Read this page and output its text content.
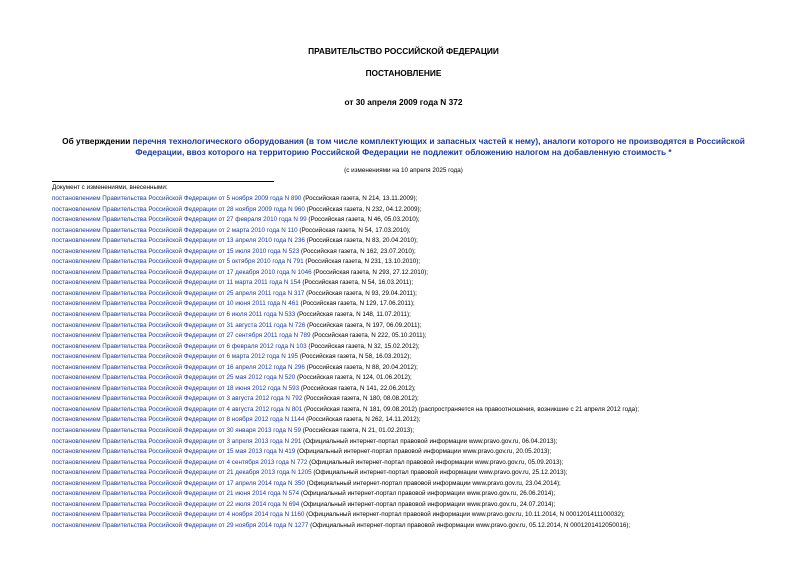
ПРАВИТЕЛЬСТВО РОССИЙСКОЙ ФЕДЕРАЦИИ
ПОСТАНОВЛЕНИЕ
от 30 апреля 2009 года N 372
Об утверждении перечня технологического оборудования (в том числе комплектующих и запасных частей к нему), аналоги которого не производятся в Российской Федерации, ввоз которого на территорию Российской Федерации не подлежит обложению налогом на добавленную стоимость *
(с изменениями на 10 апреля 2025 года)
Документ с изменениями, внесенными:
постановлением Правительства Российской Федерации от 5 ноября 2009 года N 890 (Российская газета, N 214, 13.11.2009);
постановлением Правительства Российской Федерации от 28 ноября 2009 года N 960 (Российская газета, N 232, 04.12.2009);
постановлением Правительства Российской Федерации от 27 февраля 2010 года N 99 (Российская газета, N 46, 05.03.2010);
постановлением Правительства Российской Федерации от 2 марта 2010 года N 110 (Российская газета, N 54, 17.03.2010);
постановлением Правительства Российской Федерации от 13 апреля 2010 года N 236 (Российская газета, N 83, 20.04.2010);
постановлением Правительства Российской Федерации от 15 июля 2010 года N 523 (Российская газета, N 162, 23.07.2010);
постановлением Правительства Российской Федерации от 5 октября 2010 года N 791 (Российская газета, N 231, 13.10.2010);
постановлением Правительства Российской Федерации от 17 декабря 2010 года N 1046 (Российская газета, N 293, 27.12.2010);
постановлением Правительства Российской Федерации от 11 марта 2011 года N 154 (Российская газета, N 54, 16.03.2011);
постановлением Правительства Российской Федерации от 25 апреля 2011 года N 317 (Российская газета, N 93, 29.04.2011);
постановлением Правительства Российской Федерации от 10 июня 2011 года N 461 (Российская газета, N 129, 17.06.2011);
постановлением Правительства Российской Федерации от 6 июля 2011 года N 533 (Российская газета, N 148, 11.07.2011);
постановлением Правительства Российской Федерации от 31 августа 2011 года N 726 (Российская газета, N 197, 06.09.2011);
постановлением Правительства Российской Федерации от 27 сентября 2011 года N 789 (Российская газета, N 222, 05.10.2011);
постановлением Правительства Российской Федерации от 6 февраля 2012 года N 103 (Российская газета, N 32, 15.02.2012);
постановлением Правительства Российской Федерации от 6 марта 2012 года N 195 (Российская газета, N 58, 16.03.2012);
постановлением Правительства Российской Федерации от 16 апреля 2012 года N 296 (Российская газета, N 88, 20.04.2012);
постановлением Правительства Российской Федерации от 25 мая 2012 года N 520 (Российская газета, N 124, 01.06.2012);
постановлением Правительства Российской Федерации от 18 июня 2012 года N 593 (Российская газета, N 141, 22.06.2012);
постановлением Правительства Российской Федерации от 3 августа 2012 года N 792 (Российская газета, N 180, 08.08.2012);
постановлением Правительства Российской Федерации от 4 августа 2012 года N 801 (Российская газета, N 181, 09.08.2012) (распространяется на правоотношения, возникшие с 21 апреля 2012 года);
постановлением Правительства Российской Федерации от 8 ноября 2012 года N 1144 (Российская газета, N 262, 14.11.2012);
постановлением Правительства Российской Федерации от 30 января 2013 года N 59 (Российская газета, N 21, 01.02.2013);
постановлением Правительства Российской Федерации от 3 апреля 2013 года N 291 (Официальный интернет-портал правовой информации www.pravo.gov.ru, 06.04.2013);
постановлением Правительства Российской Федерации от 15 мая 2013 года N 419 (Официальный интернет-портал правовой информации www.pravo.gov.ru, 20.05.2013);
постановлением Правительства Российской Федерации от 4 сентября 2013 года N 772 (Официальный интернет-портал правовой информации www.pravo.gov.ru, 05.09.2013);
постановлением Правительства Российской Федерации от 21 декабря 2013 года N 1205 (Официальный интернет-портал правовой информации www.pravo.gov.ru, 25.12.2013);
постановлением Правительства Российской Федерации от 17 апреля 2014 года N 350 (Официальный интернет-портал правовой информации www.pravo.gov.ru, 23.04.2014);
постановлением Правительства Российской Федерации от 21 июня 2014 года N 574 (Официальный интернет-портал правовой информации www.pravo.gov.ru, 26.06.2014);
постановлением Правительства Российской Федерации от 22 июля 2014 года N 694 (Официальный интернет-портал правовой информации www.pravo.gov.ru, 24.07.2014);
постановлением Правительства Российской Федерации от 4 ноября 2014 года N 1160 (Официальный интернет-портал правовой информации www.pravo.gov.ru, 10.11.2014, N 0001201411100032);
постановлением Правительства Российской Федерации от 29 ноября 2014 года N 1277 (Официальный интернет-портал правовой информации www.pravo.gov.ru, 05.12.2014, N 0001201412050016);
